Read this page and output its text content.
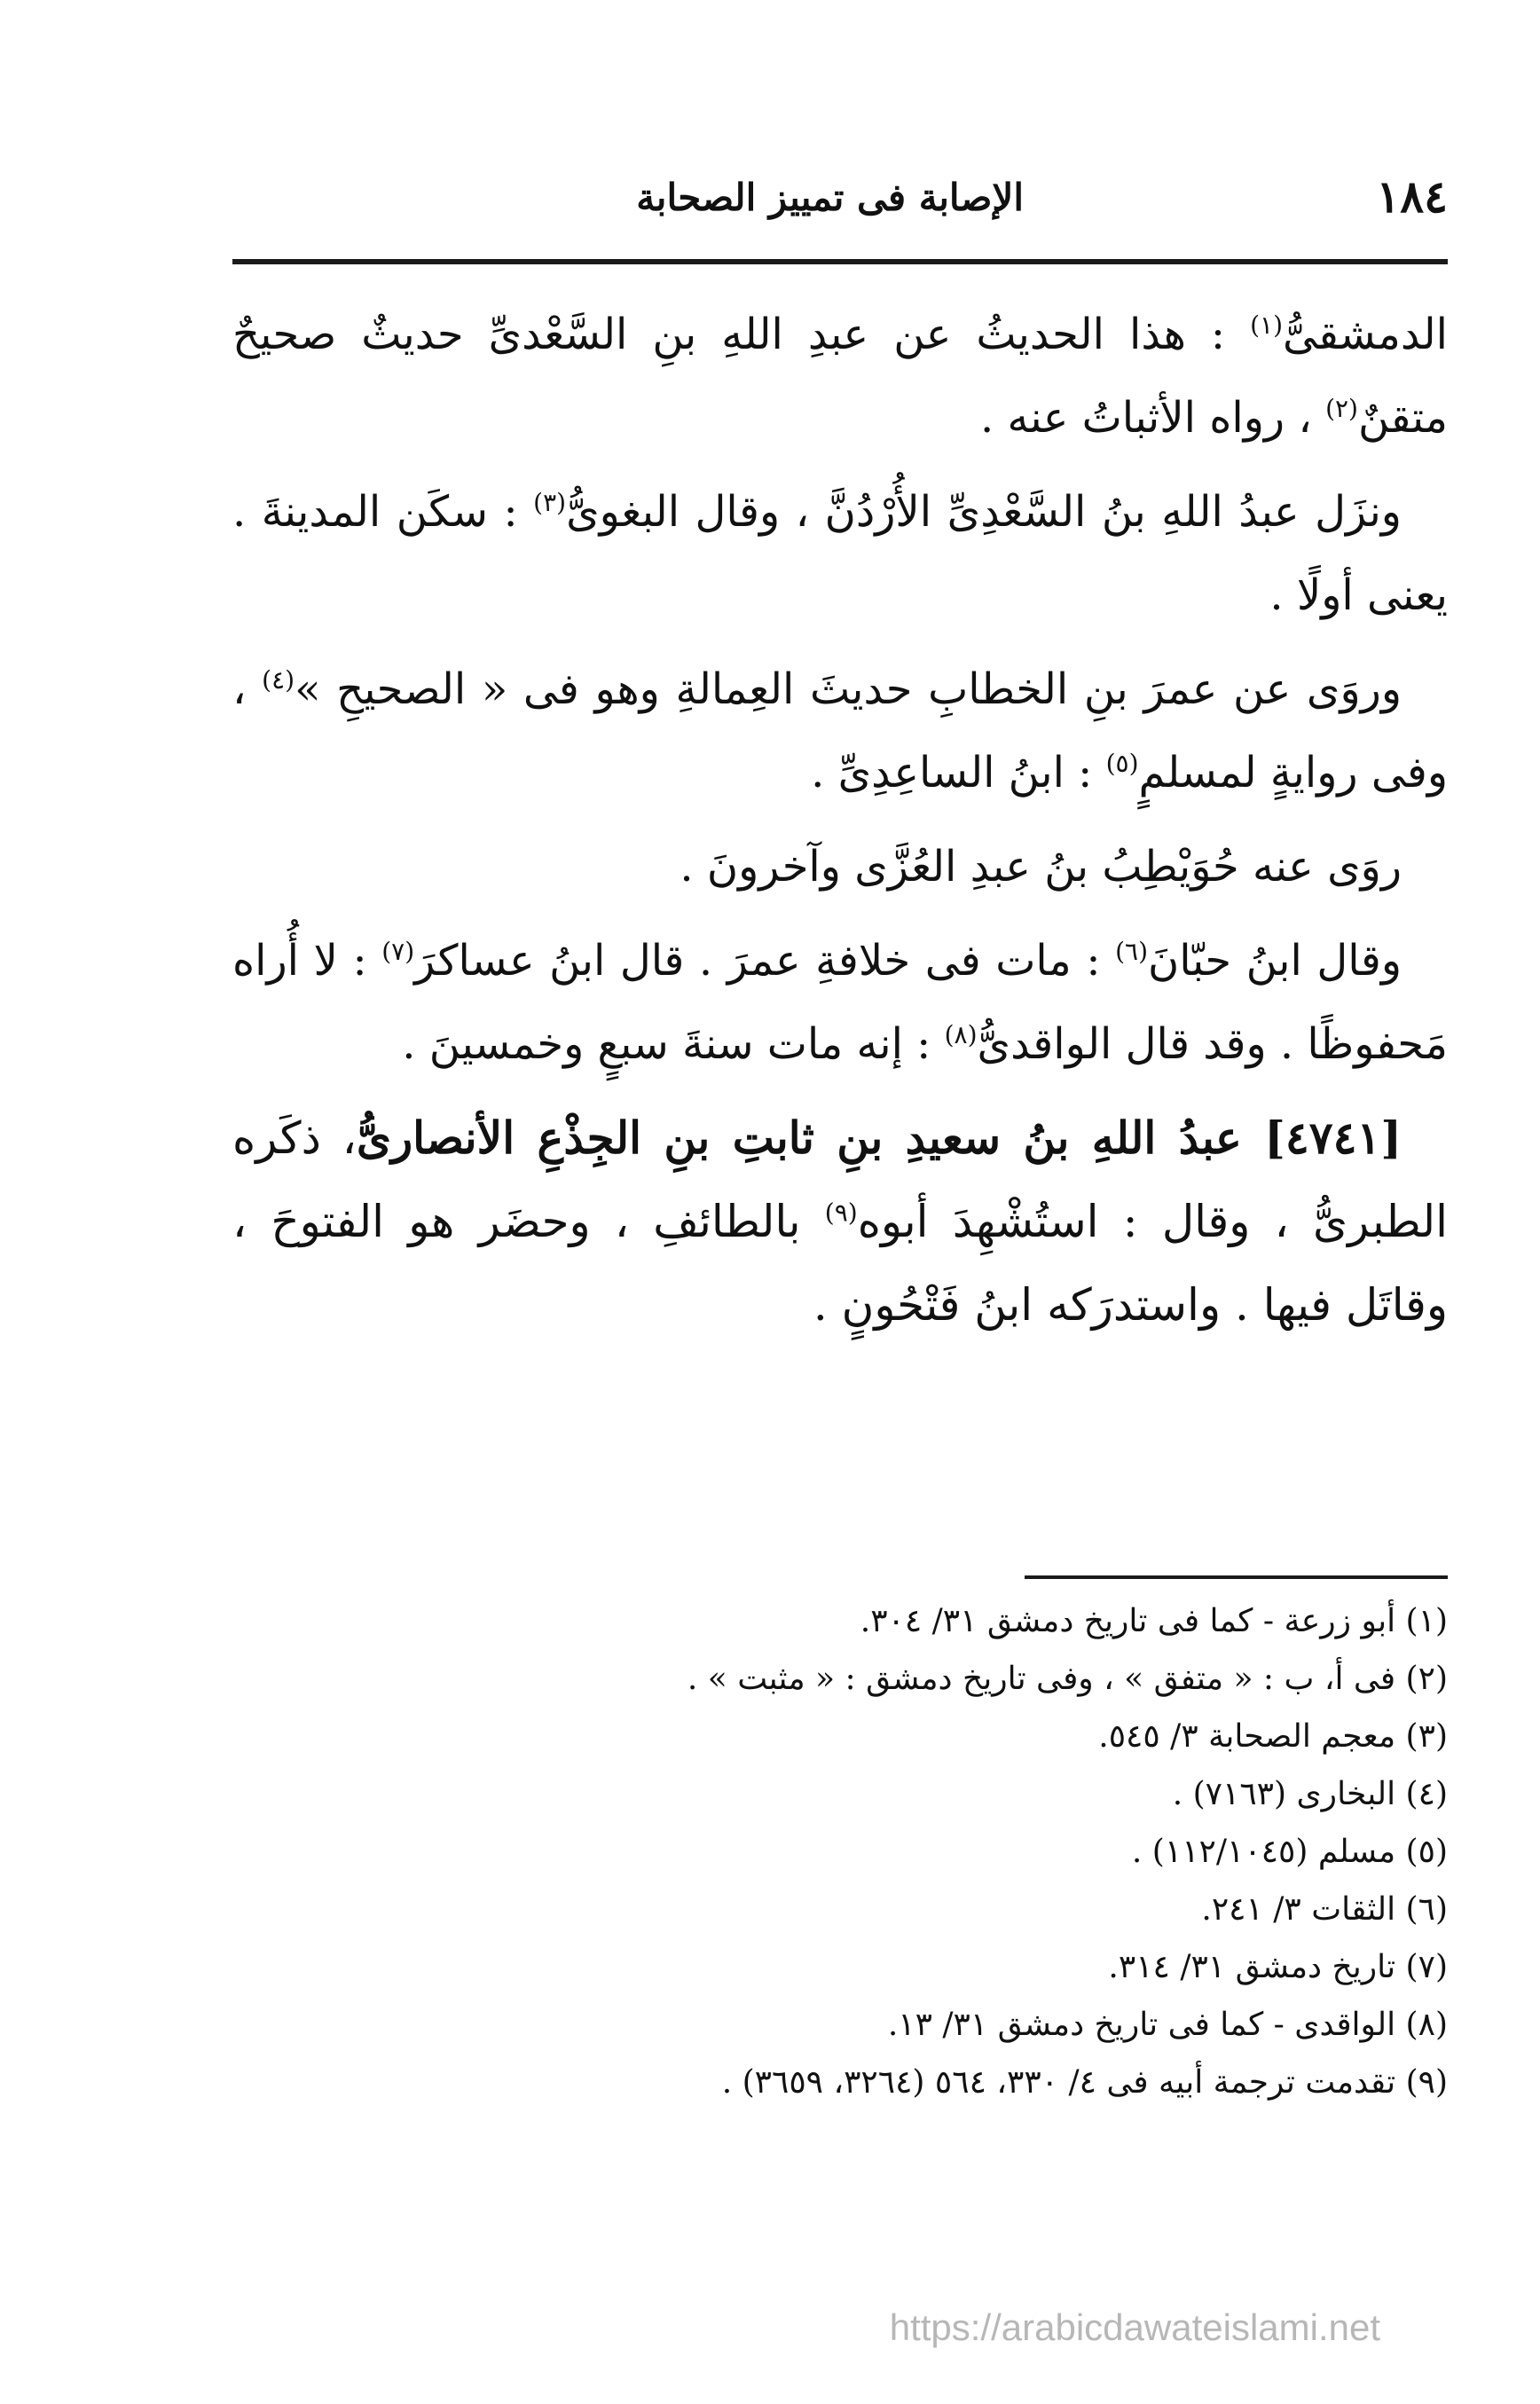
١٨٤
الإصابة فى تمييز الصحابة

الدمشقىُّ$^{(١)}$ : هذا الحديثُ عن عبدِ اللهِ بنِ السَّعْدىِّ حديثٌ صحيحٌ متقنٌ$^{(٢)}$ ، رواه الأثباتُ عنه .

ونزَل عبدُ اللهِ بنُ السَّعْدِىِّ الأُرْدُنَّ ، وقال البغوىُّ$^{(٣)}$ : سكَن المدينةَ . يعنى أولًا .

وروَى عن عمرَ بنِ الخطابِ حديثَ العِمالةِ وهو فى « الصحيحِ »$^{(٤)}$ ، وفى روايةٍ لمسلمٍ$^{(٥)}$ : ابنُ الساعِدِىِّ .

روَى عنه حُوَيْطِبُ بنُ عبدِ العُزَّى وآخرونَ .

وقال ابنُ حبّانَ$^{(٦)}$ : مات فى خلافةِ عمرَ . قال ابنُ عساكرَ$^{(٧)}$ : لا أُراه مَحفوظًا . وقد قال الواقدىُّ$^{(٨)}$ : إنه مات سنةَ سبعٍ وخمسينَ .

[٤٧٤١] عبدُ اللهِ بنُ سعيدِ بنِ ثابتِ بنِ الجِذْعِ الأنصارىُّ، ذكَره الطبرىُّ ، وقال : استُشْهِدَ أبوه$^{(٩)}$ بالطائفِ ، وحضَر هو الفتوحَ ، وقاتَل فيها . واستدرَكه ابنُ فَتْحُونٍ .

(١) أبو زرعة - كما فى تاريخ دمشق ٣١/ ٣٠٤.
(٢) فى أ، ب : « متفق » ، وفى تاريخ دمشق : « مثبت » .
(٣) معجم الصحابة ٣/ ٥٤٥.
(٤) البخارى (٧١٦٣) .
(٥) مسلم (١١٢/١٠٤٥) .
(٦) الثقات ٣/ ٢٤١.
(٧) تاريخ دمشق ٣١/ ٣١٤.
(٨) الواقدى - كما فى تاريخ دمشق ٣١/ ١٣.
(٩) تقدمت ترجمة أبيه فى ٤/ ٣٣٠، ٥٦٤ (٣٢٦٤، ٣٦٥٩) .
https://arabicdawateislami.net
